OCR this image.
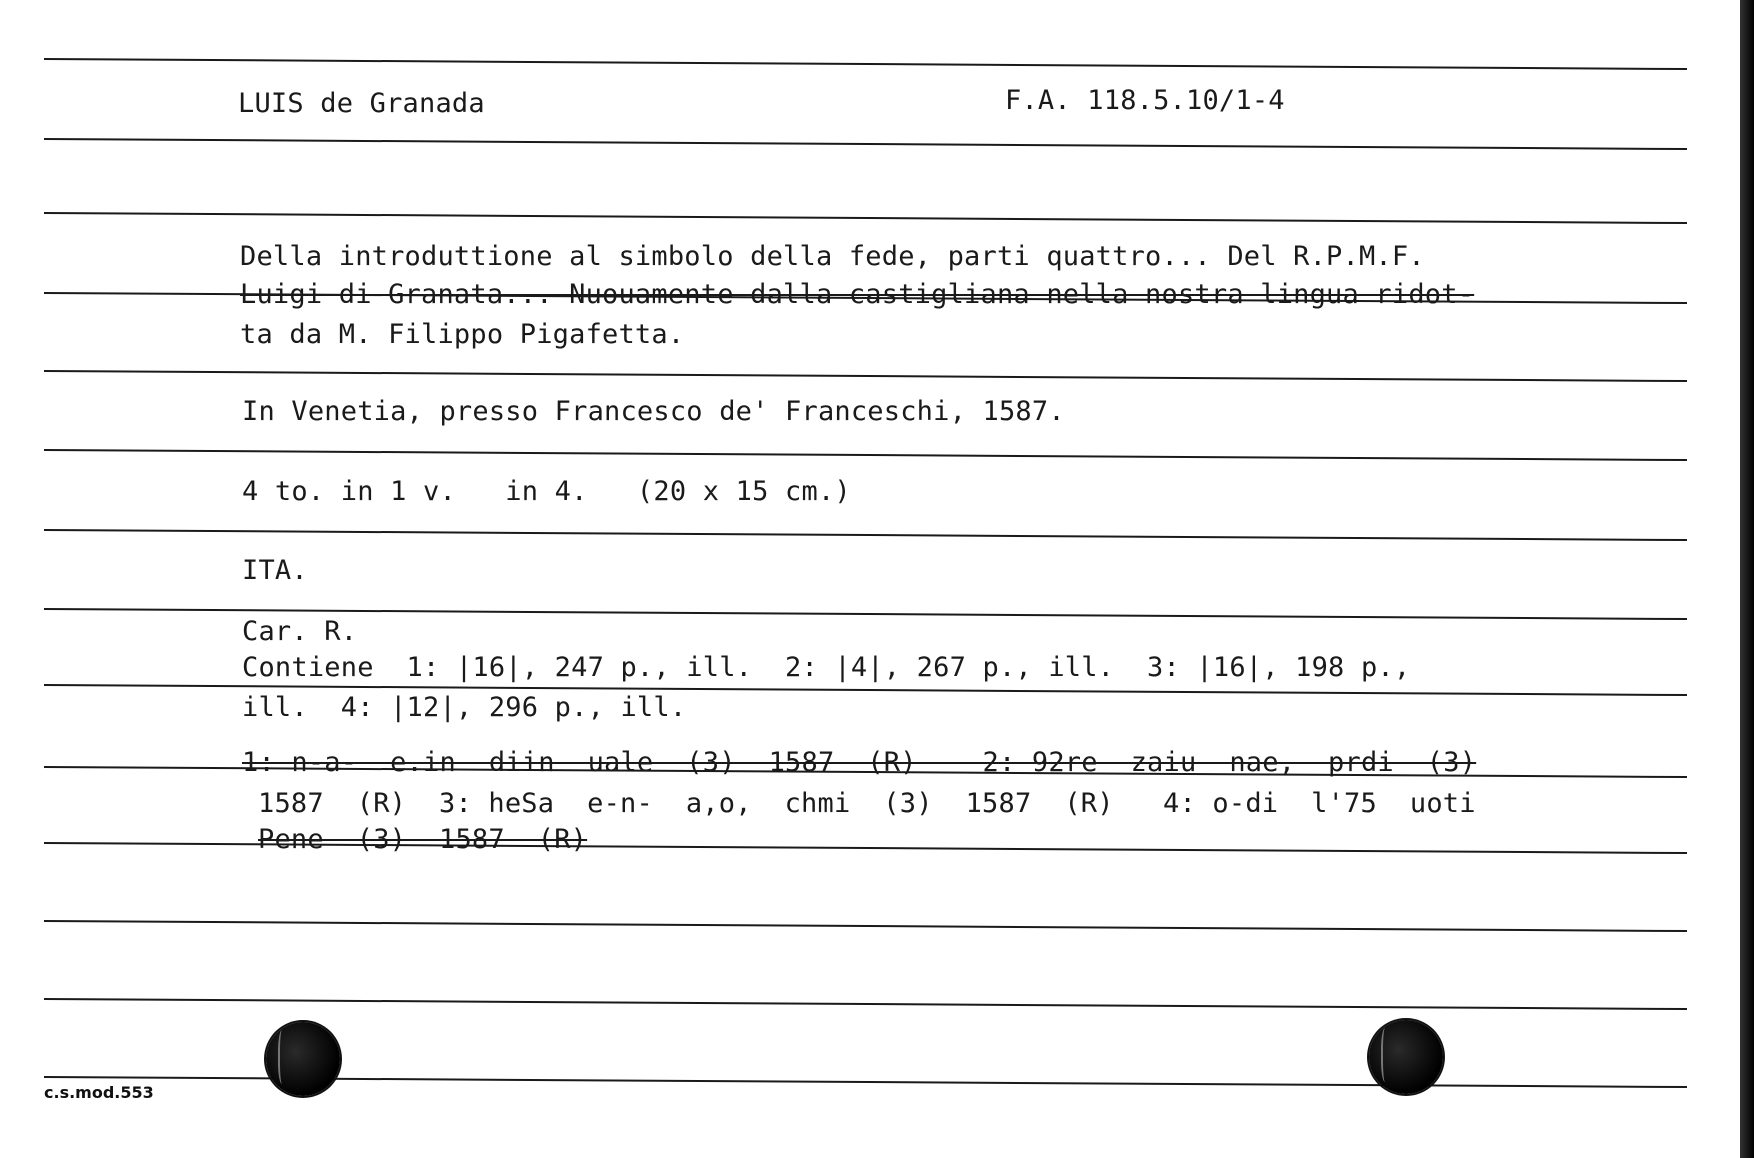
LUIS de Granada	F.A. 118.5.10/1-4
Della introduttione al simbolo della fede, parti quattro... Del R.P.M.F.
Luigi di Granata... Nuouamente dalla castigliana nella nostra lingua ridot-
ta da M. Filippo Pigafetta.
In Venetia, presso Francesco de' Franceschi, 1587.
4 to. in 1 v.   in 4.   (20 x 15 cm.)
ITA.
Car. R.
Contiene  1: |16|, 247 p., ill.  2: |4|, 267 p., ill.  3: |16|, 198 p.,
ill.  4: |12|, 296 p., ill.
1: n-a-  e.in  diin  uale  (3)  1587  (R)    2: 92re  zaiu  nae,  prdi  (3)
1587  (R)  3: heSa  e-n-  a,o,  chmi  (3)  1587  (R)   4: o-di  l'75  uoti
Pene  (3)  1587  (R)
c.s.mod.553
